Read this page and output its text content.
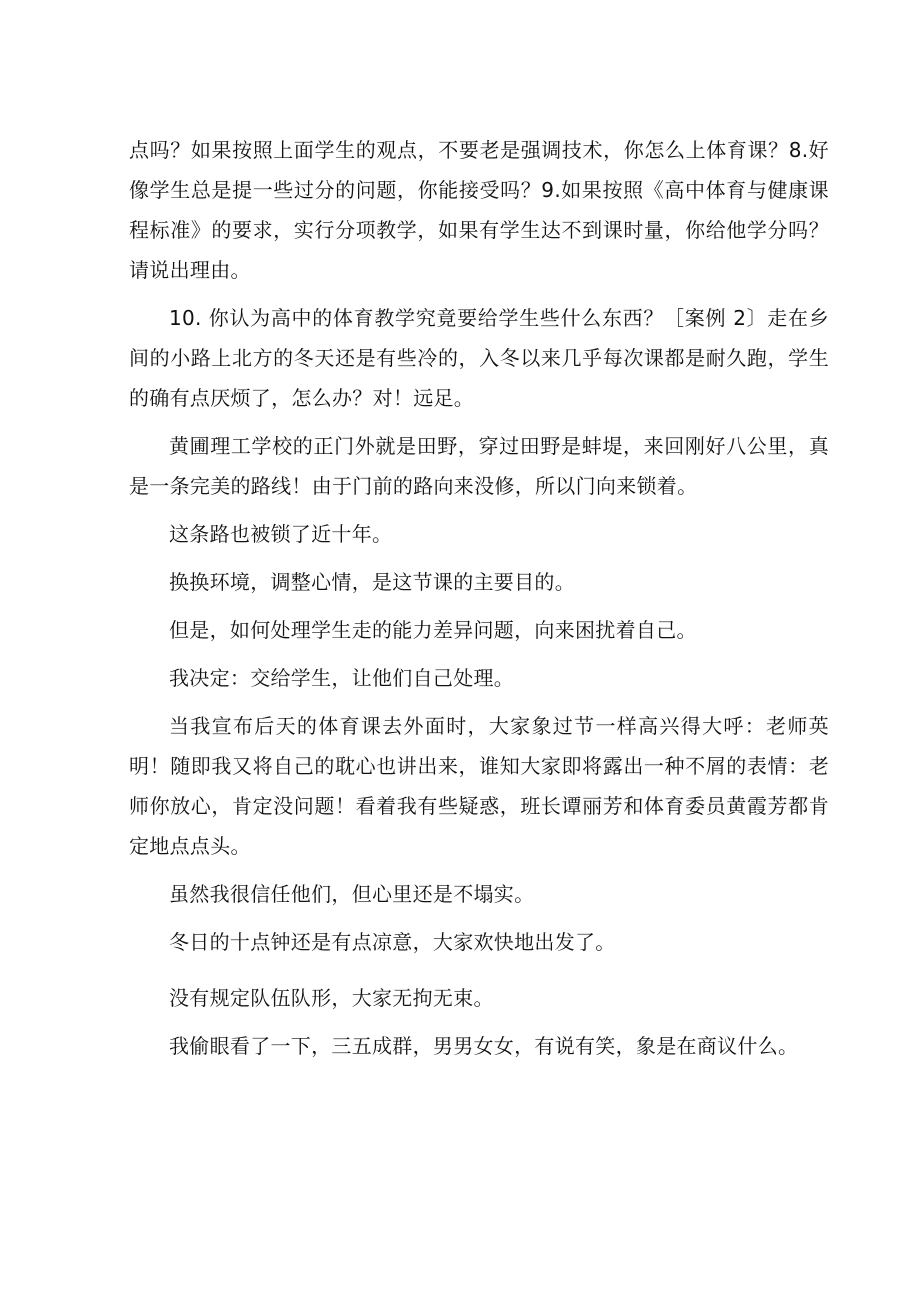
点吗？如果按照上面学生的观点，不要老是强调技术，你怎么上体育课？8.好像学生总是提一些过分的问题，你能接受吗？9.如果按照《高中体育与健康课程标准》的要求，实行分项教学，如果有学生达不到课时量，你给他学分吗？请说出理由。

10. 你认为高中的体育教学究竟要给学生些什么东西？［案例 2〕走在乡间的小路上北方的冬天还是有些冷的，入冬以来几乎每次课都是耐久跑，学生的确有点厌烦了，怎么办？对！远足。

黄圃理工学校的正门外就是田野，穿过田野是蚌堤，来回刚好八公里，真是一条完美的路线！由于门前的路向来没修，所以门向来锁着。

这条路也被锁了近十年。

换换环境，调整心情，是这节课的主要目的。

但是，如何处理学生走的能力差异问题，向来困扰着自己。

我决定：交给学生，让他们自己处理。

当我宣布后天的体育课去外面时，大家象过节一样高兴得大呼：老师英明！随即我又将自己的耽心也讲出来，谁知大家即将露出一种不屑的表情：老师你放心，肯定没问题！看着我有些疑惑，班长谭丽芳和体育委员黄霞芳都肯定地点点头。

虽然我很信任他们，但心里还是不塌实。

冬日的十点钟还是有点凉意，大家欢快地出发了。

没有规定队伍队形，大家无拘无束。

我偷眼看了一下，三五成群，男男女女，有说有笑，象是在商议什么。
